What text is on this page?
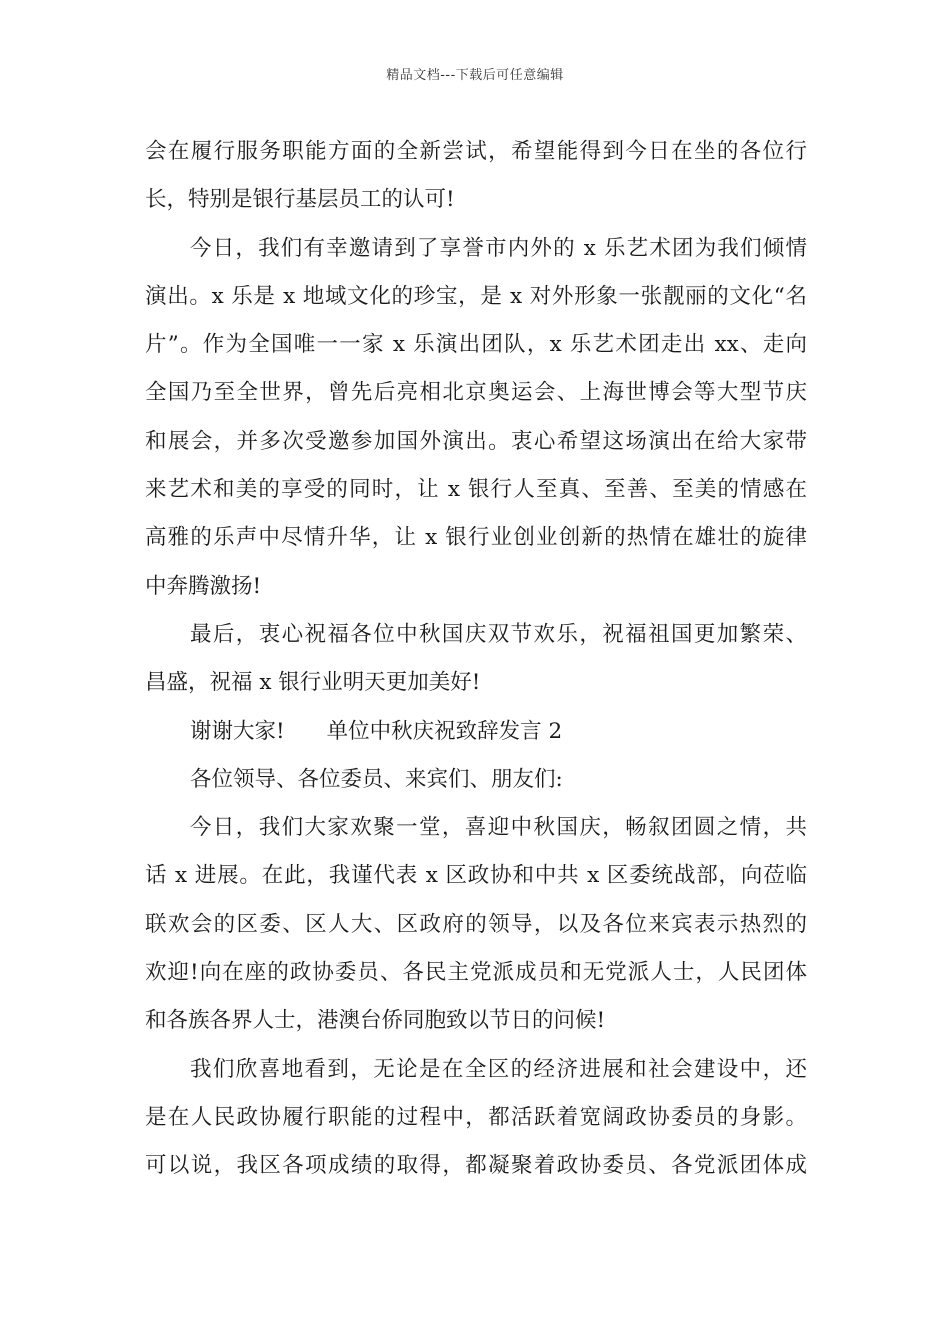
精品文档---下载后可任意编辑
会在履行服务职能方面的全新尝试，希望能得到今日在坐的各位行
长，特别是银行基层员工的认可!
今日，我们有幸邀请到了享誉市内外的 x 乐艺术团为我们倾情
演出。x 乐是 x 地域文化的珍宝，是 x 对外形象一张靓丽的文化“名
片”。作为全国唯一一家 x 乐演出团队，x 乐艺术团走出 xx、走向
全国乃至全世界，曾先后亮相北京奥运会、上海世博会等大型节庆
和展会，并多次受邀参加国外演出。衷心希望这场演出在给大家带
来艺术和美的享受的同时，让 x 银行人至真、至善、至美的情感在
高雅的乐声中尽情升华，让 x 银行业创业创新的热情在雄壮的旋律
中奔腾激扬!
最后，衷心祝福各位中秋国庆双节欢乐，祝福祖国更加繁荣、
昌盛，祝福 x 银行业明天更加美好!
谢谢大家! 单位中秋庆祝致辞发言 2
各位领导、各位委员、来宾们、朋友们:
今日，我们大家欢聚一堂，喜迎中秋国庆，畅叙团圆之情，共
话 x 进展。在此，我谨代表 x 区政协和中共 x 区委统战部，向莅临
联欢会的区委、区人大、区政府的领导，以及各位来宾表示热烈的
欢迎!向在座的政协委员、各民主党派成员和无党派人士，人民团体
和各族各界人士，港澳台侨同胞致以节日的问候!
我们欣喜地看到，无论是在全区的经济进展和社会建设中，还
是在人民政协履行职能的过程中，都活跃着宽阔政协委员的身影。
可以说，我区各项成绩的取得，都凝聚着政协委员、各党派团体成
